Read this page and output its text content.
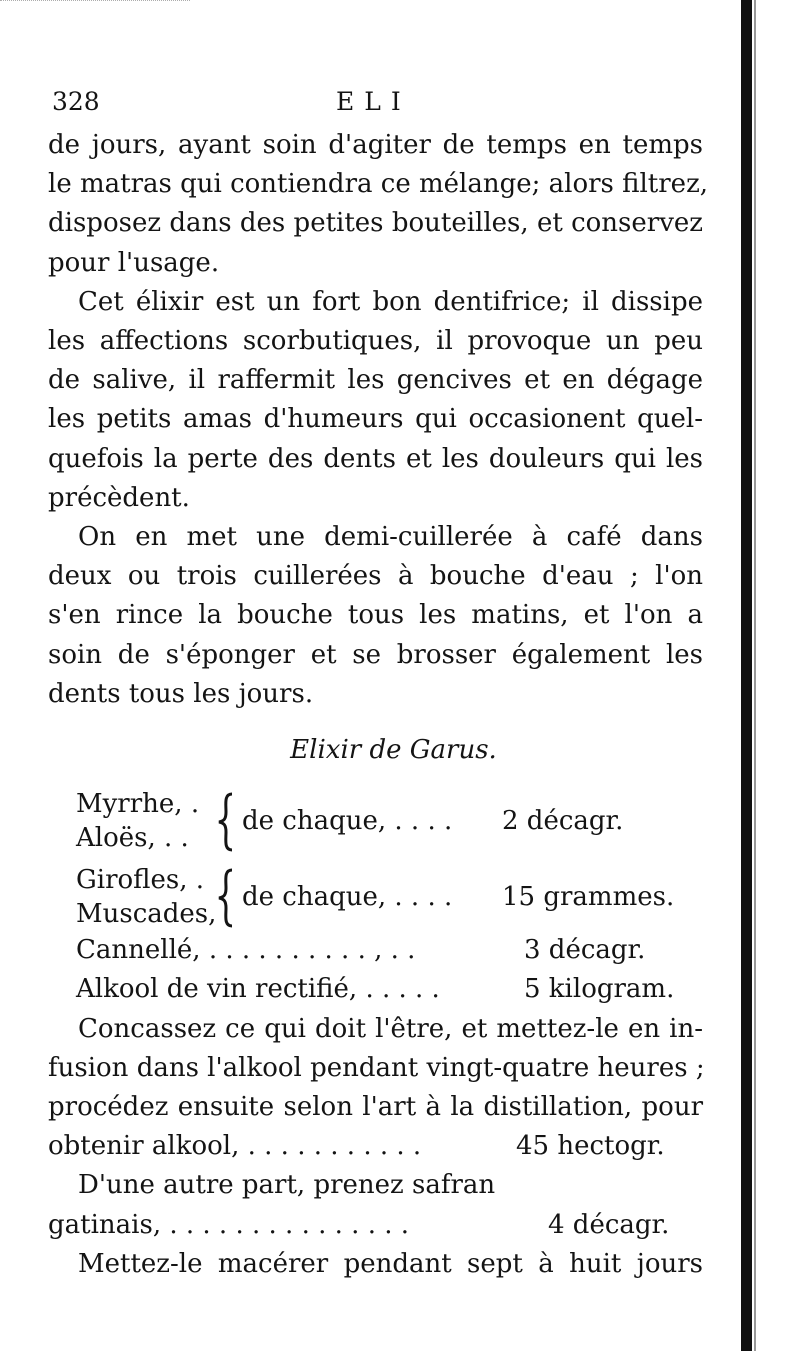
328	ELI

de jours, ayant soin d'agiter de temps en temps

le matras qui contiendra ce mélange; alors filtrez,

disposez dans des petites bouteilles, et conservez

pour l'usage.

Cet élixir est un fort bon dentifrice; il dissipe

les affections scorbutiques, il provoque un peu

de salive, il raffermit les gencives et en dégage

les petits amas d'humeurs qui occasionent quel-

quefois la perte des dents et les douleurs qui les

précèdent.

On en met une demi-cuillerée à café dans

deux ou trois cuillerées à bouche d'eau ; l'on

s'en rince la bouche tous les matins, et l'on a

soin de s'éponger et se brosser également les

dents tous les jours.

Elixir de Garus.
Myrrhe, .
Aloës, . .
de chaque, . . . .	2 décagr.
Girofles, .
Muscades,
de chaque, . . . .	15 grammes.
Cannellé, . . . . . . . . . . , . .	3 décagr.
Alkool de vin rectifié, . . . . .	5 kilogram.

Concassez ce qui doit l'être, et mettez-le en in-

fusion dans l'alkool pendant vingt-quatre heures ;

procédez ensuite selon l'art à la distillation, pour

obtenir alkool, . . . . . . . . . . .	45 hectogr.

D'une autre part, prenez safran

gatinais, . . . . . . . . . . . . . . .	4 décagr.

Mettez-le macérer pendant sept à huit jours
